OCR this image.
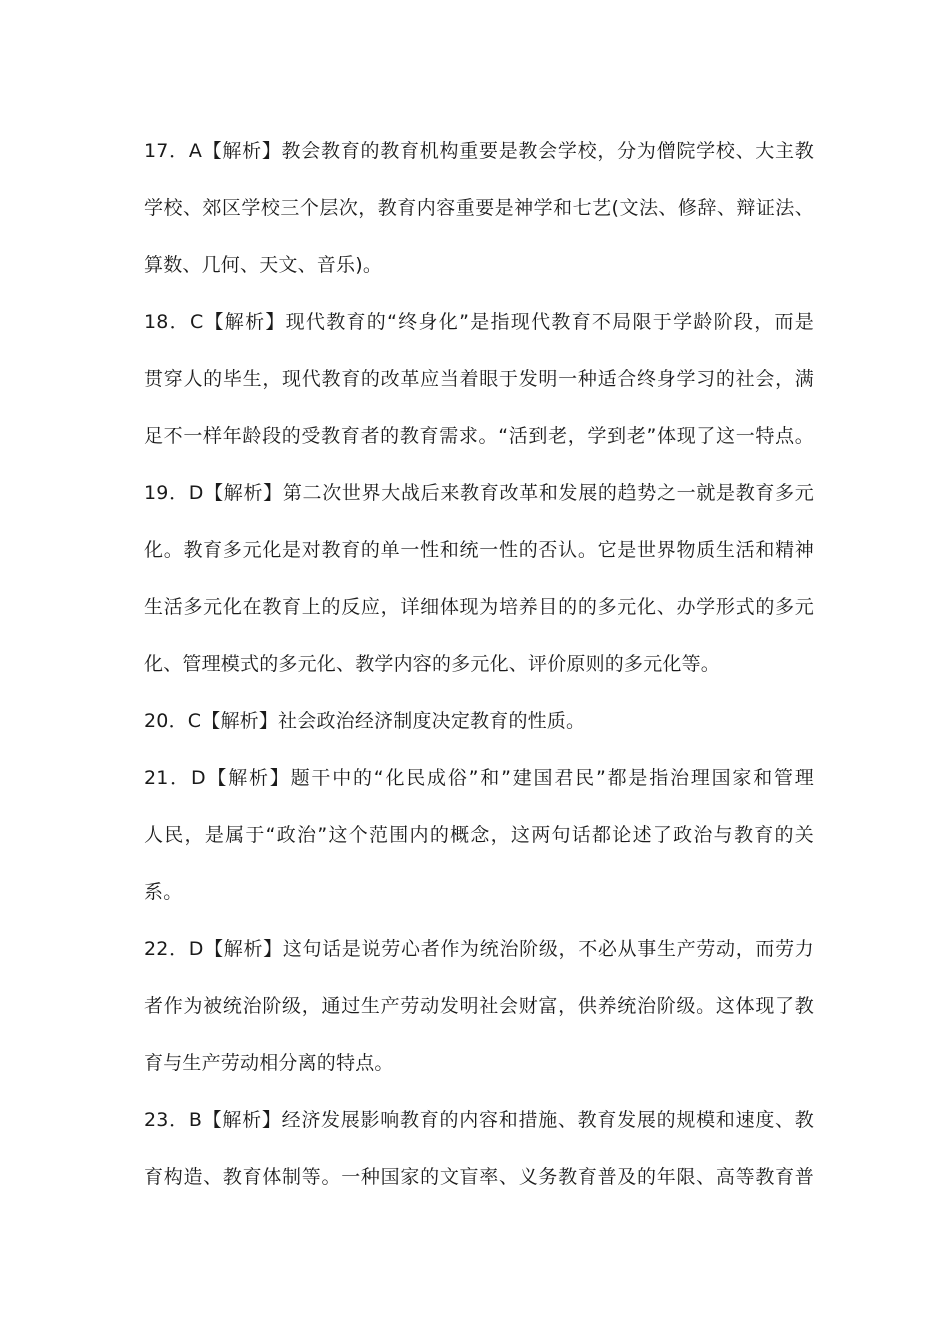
17．A【解析】教会教育的教育机构重要是教会学校，分为僧院学校、大主教
学校、郊区学校三个层次，教育内容重要是神学和七艺(文法、修辞、辩证法、
算数、几何、天文、音乐)。
18．C【解析】现代教育的“终身化”是指现代教育不局限于学龄阶段，而是
贯穿人的毕生，现代教育的改革应当着眼于发明一种适合终身学习的社会，满
足不一样年龄段的受教育者的教育需求。“活到老，学到老”体现了这一特点。
19．D【解析】第二次世界大战后来教育改革和发展的趋势之一就是教育多元
化。教育多元化是对教育的单一性和统一性的否认。它是世界物质生活和精神
生活多元化在教育上的反应，详细体现为培养目的的多元化、办学形式的多元
化、管理模式的多元化、教学内容的多元化、评价原则的多元化等。
20．C【解析】社会政治经济制度决定教育的性质。
21．D【解析】题干中的“化民成俗”和”建国君民”都是指治理国家和管理
人民，是属于“政治”这个范围内的概念，这两句话都论述了政治与教育的关
系。
22．D【解析】这句话是说劳心者作为统治阶级，不必从事生产劳动，而劳力
者作为被统治阶级，通过生产劳动发明社会财富，供养统治阶级。这体现了教
育与生产劳动相分离的特点。
23．B【解析】经济发展影响教育的内容和措施、教育发展的规模和速度、教
育构造、教育体制等。一种国家的文盲率、义务教育普及的年限、高等教育普
